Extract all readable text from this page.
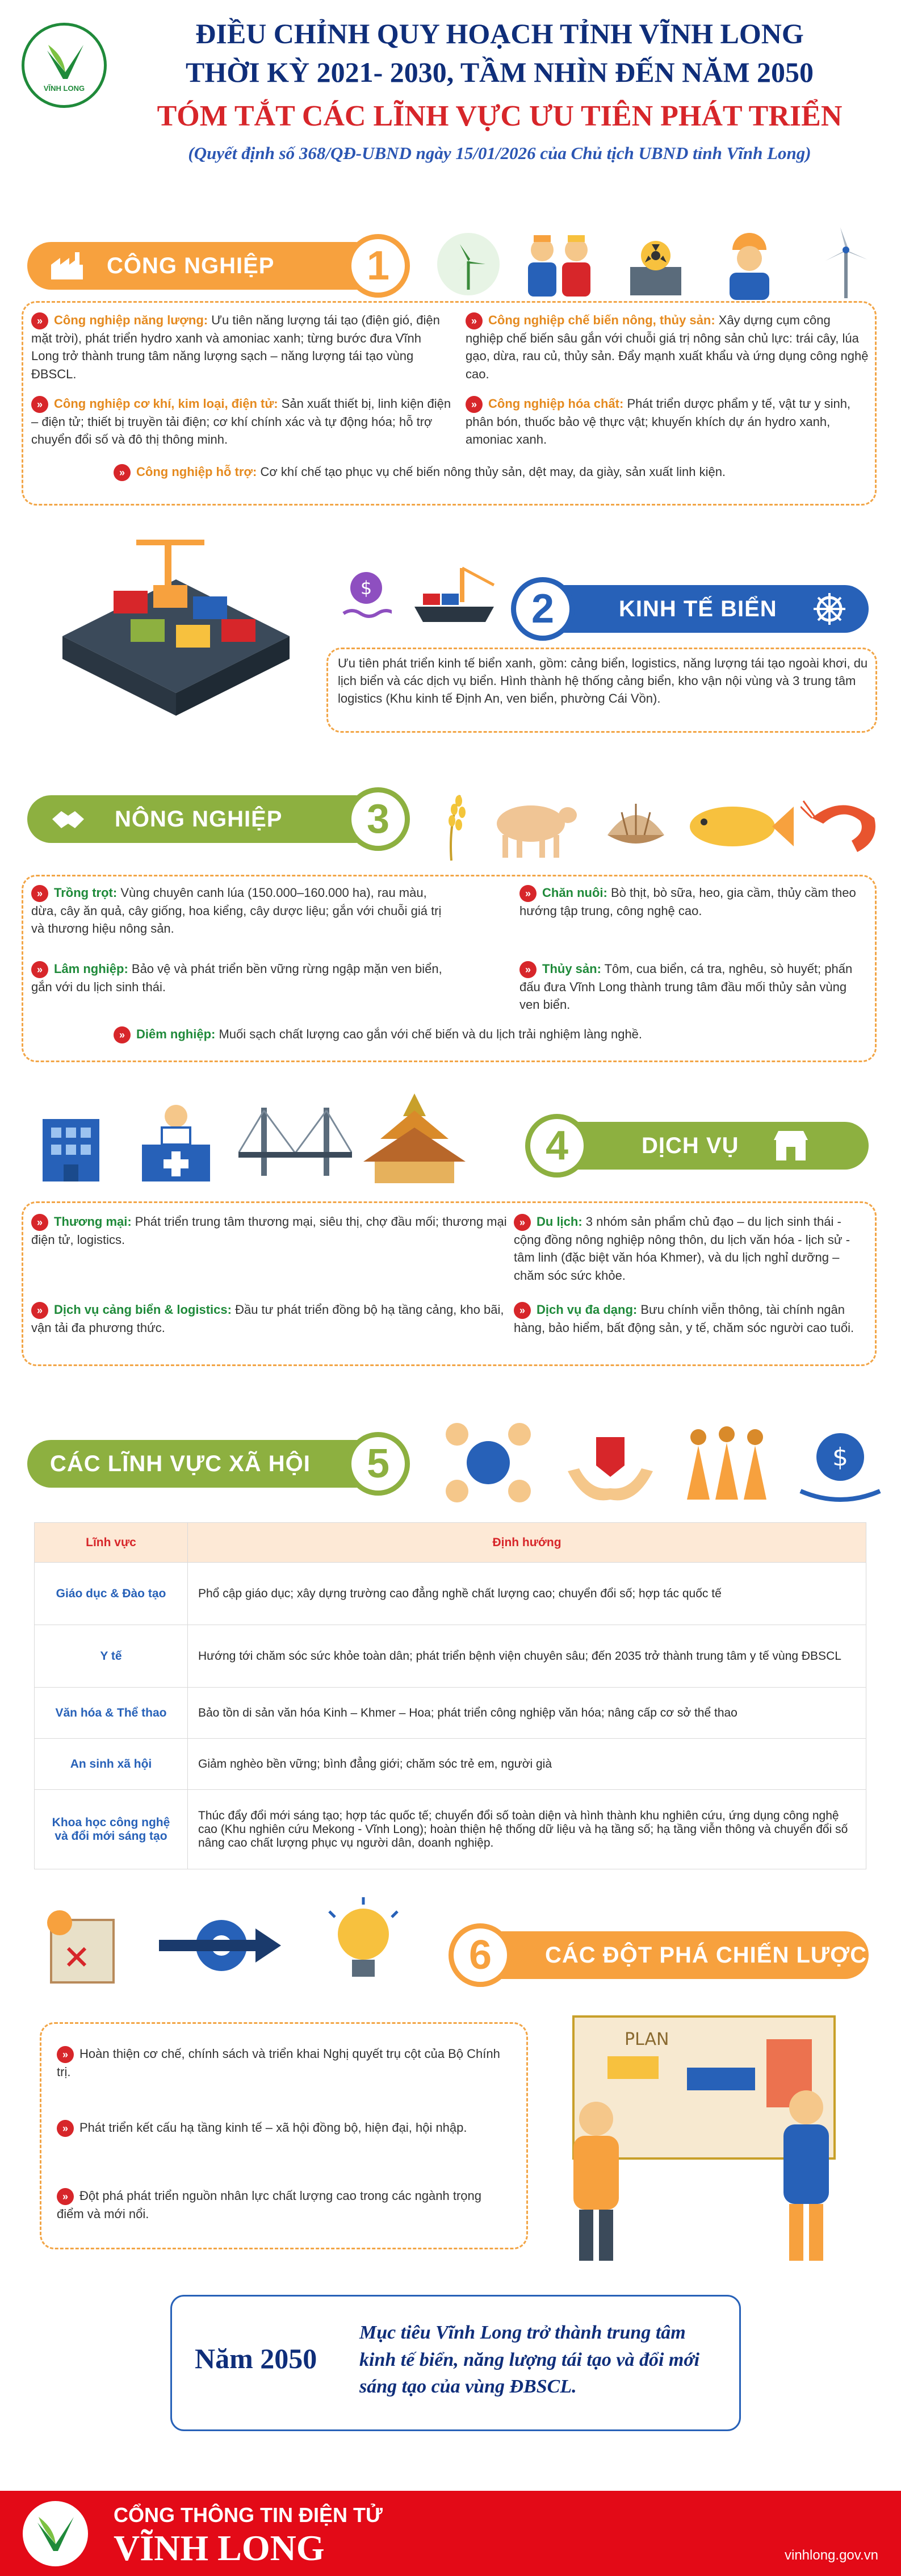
VĨNH LONG
ĐIỀU CHỈNH QUY HOẠCH TỈNH VĨNH LONG
THỜI KỲ 2021- 2030, TẦM NHÌN ĐẾN NĂM 2050
TÓM TẮT CÁC LĨNH VỰC ƯU TIÊN PHÁT TRIỂN
(Quyết định số 368/QĐ-UBND ngày 15/01/2026 của Chủ tịch UBND tỉnh Vĩnh Long)
CÔNG NGHIỆP	1
» Công nghiệp năng lượng: Ưu tiên năng lượng tái tạo (điện gió, điện mặt trời), phát triển hydro xanh và amoniac xanh; từng bước đưa Vĩnh Long trở thành trung tâm năng lượng sạch – năng lượng tái tạo vùng ĐBSCL.
» Công nghiệp cơ khí, kim loại, điện tử: Sản xuất thiết bị, linh kiện điện – điện tử; thiết bị truyền tải điện; cơ khí chính xác và tự động hóa; hỗ trợ chuyển đổi số và đô thị thông minh.
» Công nghiệp chế biến nông, thủy sản: Xây dựng cụm công nghiệp chế biến sâu gắn với chuỗi giá trị nông sản chủ lực: trái cây, lúa gạo, dừa, rau củ, thủy sản. Đẩy mạnh xuất khẩu và ứng dụng công nghệ cao.
» Công nghiệp hóa chất: Phát triển dược phẩm y tế, vật tư y sinh, phân bón, thuốc bảo vệ thực vật; khuyến khích dự án hydro xanh, amoniac xanh.
» Công nghiệp hỗ trợ: Cơ khí chế tạo phục vụ chế biến nông thủy sản, dệt may, da giày, sản xuất linh kiện.
$
KINH TẾ BIỂN
2
Ưu tiên phát triển kinh tế biển xanh, gồm: cảng biển, logistics, năng lượng tái tạo ngoài khơi, du lịch biển và các dịch vụ biển. Hình thành hệ thống cảng biển, kho vận nội vùng và 3 trung tâm logistics (Khu kinh tế Định An, ven biển, phường Cái Vồn).
NÔNG NGHIỆP	3
» Trồng trọt: Vùng chuyên canh lúa (150.000–160.000 ha), rau màu, dừa, cây ăn quả, cây giống, hoa kiểng, cây dược liệu; gắn với chuỗi giá trị và thương hiệu nông sản.
» Lâm nghiệp: Bảo vệ và phát triển bền vững rừng ngập mặn ven biển, gắn với du lịch sinh thái.
» Chăn nuôi: Bò thịt, bò sữa, heo, gia cầm, thủy cầm theo hướng tập trung, công nghệ cao.
» Thủy sản: Tôm, cua biển, cá tra, nghêu, sò huyết; phấn đấu đưa Vĩnh Long thành trung tâm đầu mối thủy sản vùng ven biển.
» Diêm nghiệp: Muối sạch chất lượng cao gắn với chế biến và du lịch trải nghiệm làng nghề.
DỊCH VỤ
4
» Thương mại: Phát triển trung tâm thương mại, siêu thị, chợ đầu mối; thương mại điện tử, logistics.
» Dịch vụ cảng biển & logistics: Đầu tư phát triển đồng bộ hạ tầng cảng, kho bãi, vận tải đa phương thức.
» Du lịch: 3 nhóm sản phẩm chủ đạo – du lịch sinh thái - cộng đồng nông nghiệp nông thôn, du lịch văn hóa - lịch sử - tâm linh (đặc biệt văn hóa Khmer), và du lịch nghỉ dưỡng – chăm sóc sức khỏe.
» Dịch vụ đa dạng: Bưu chính viễn thông, tài chính ngân hàng, bảo hiểm, bất động sản, y tế, chăm sóc người cao tuổi.
CÁC LĨNH VỰC XÃ HỘI	5	$
Lĩnh vực	Định hướng
Giáo dục & Đào tạo	Phổ cập giáo dục; xây dựng trường cao đẳng nghề chất lượng cao; chuyển đổi số; hợp tác quốc tế
Y tế	Hướng tới chăm sóc sức khỏe toàn dân; phát triển bệnh viện chuyên sâu; đến 2035 trở thành trung tâm y tế vùng ĐBSCL
Văn hóa & Thể thao	Bảo tồn di sản văn hóa Kinh – Khmer – Hoa; phát triển công nghiệp văn hóa; nâng cấp cơ sở thể thao
An sinh xã hội	Giảm nghèo bền vững; bình đẳng giới; chăm sóc trẻ em, người già
Khoa học công nghệ và đổi mới sáng tạo	Thúc đẩy đổi mới sáng tạo; hợp tác quốc tế; chuyển đổi số toàn diện và hình thành khu nghiên cứu, ứng dụng công nghệ cao (Khu nghiên cứu Mekong - Vĩnh Long); hoàn thiện hệ thống dữ liệu và hạ tầng số; hạ tầng viễn thông và chuyển đổi số nâng cao chất lượng phục vụ người dân, doanh nghiệp.
CÁC ĐỘT PHÁ CHIẾN LƯỢC
6
» Hoàn thiện cơ chế, chính sách và triển khai Nghị quyết trụ cột của Bộ Chính trị.
» Phát triển kết cấu hạ tầng kinh tế – xã hội đồng bộ, hiện đại, hội nhập.
» Đột phá phát triển nguồn nhân lực chất lượng cao trong các ngành trọng điểm và mới nổi.
PLAN
Năm 2050
Mục tiêu Vĩnh Long trở thành trung tâm kinh tế biển, năng lượng tái tạo và đổi mới sáng tạo của vùng ĐBSCL.
CỔNG THÔNG TIN ĐIỆN TỬ
VĨNH LONG	vinhlong.gov.vn
